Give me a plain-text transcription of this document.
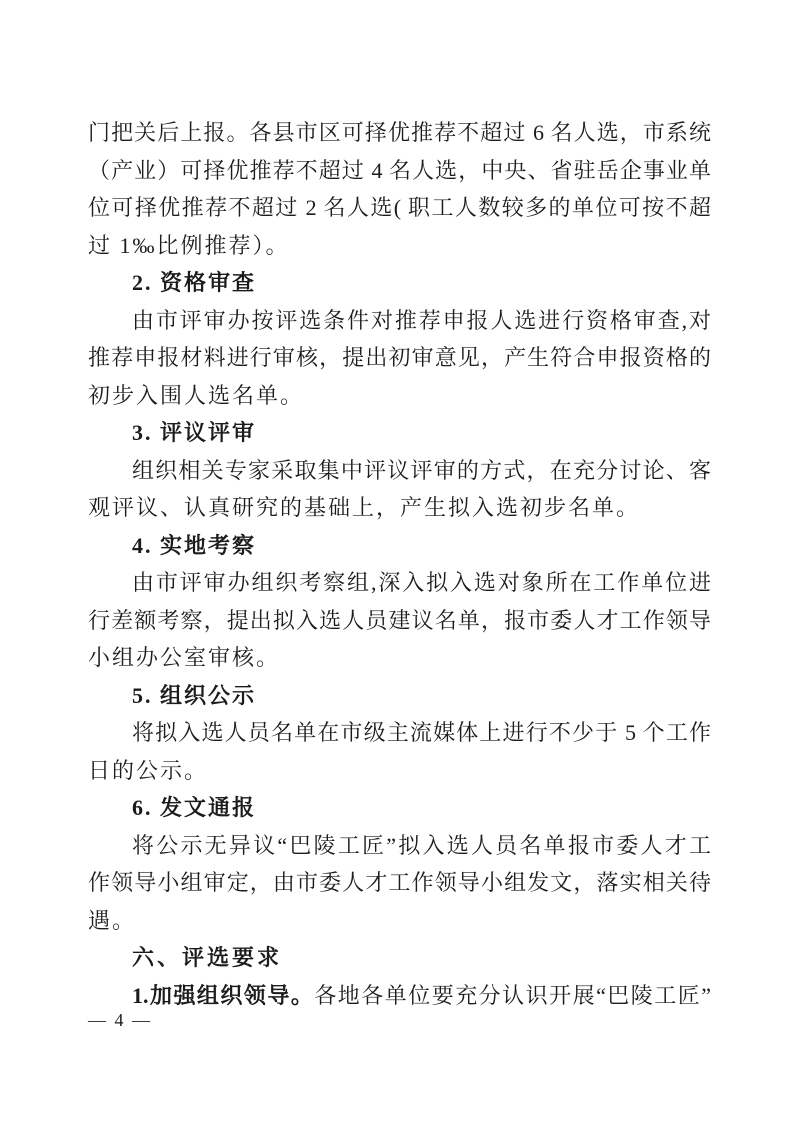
门把关后上报。各县市区可择优推荐不超过 6 名人选，市系统
（产业）可择优推荐不超过 4 名人选，中央、省驻岳企事业单
位可择优推荐不超过 2 名人选( 职工人数较多的单位可按不超
过 1‰比例推荐）。
2. 资格审查
由市评审办按评选条件对推荐申报人选进行资格审查,对
推荐申报材料进行审核，提出初审意见，产生符合申报资格的
初步入围人选名单。
3. 评议评审
组织相关专家采取集中评议评审的方式，在充分讨论、客
观评议、认真研究的基础上，产生拟入选初步名单。
4. 实地考察
由市评审办组织考察组,深入拟入选对象所在工作单位进
行差额考察，提出拟入选人员建议名单，报市委人才工作领导
小组办公室审核。
5. 组织公示
将拟入选人员名单在市级主流媒体上进行不少于 5 个工作
日的公示。
6. 发文通报
将公示无异议“巴陵工匠”拟入选人员名单报市委人才工
作领导小组审定，由市委人才工作领导小组发文，落实相关待
遇。
六、评选要求
1.加强组织领导。各地各单位要充分认识开展“巴陵工匠”
— 4 —
